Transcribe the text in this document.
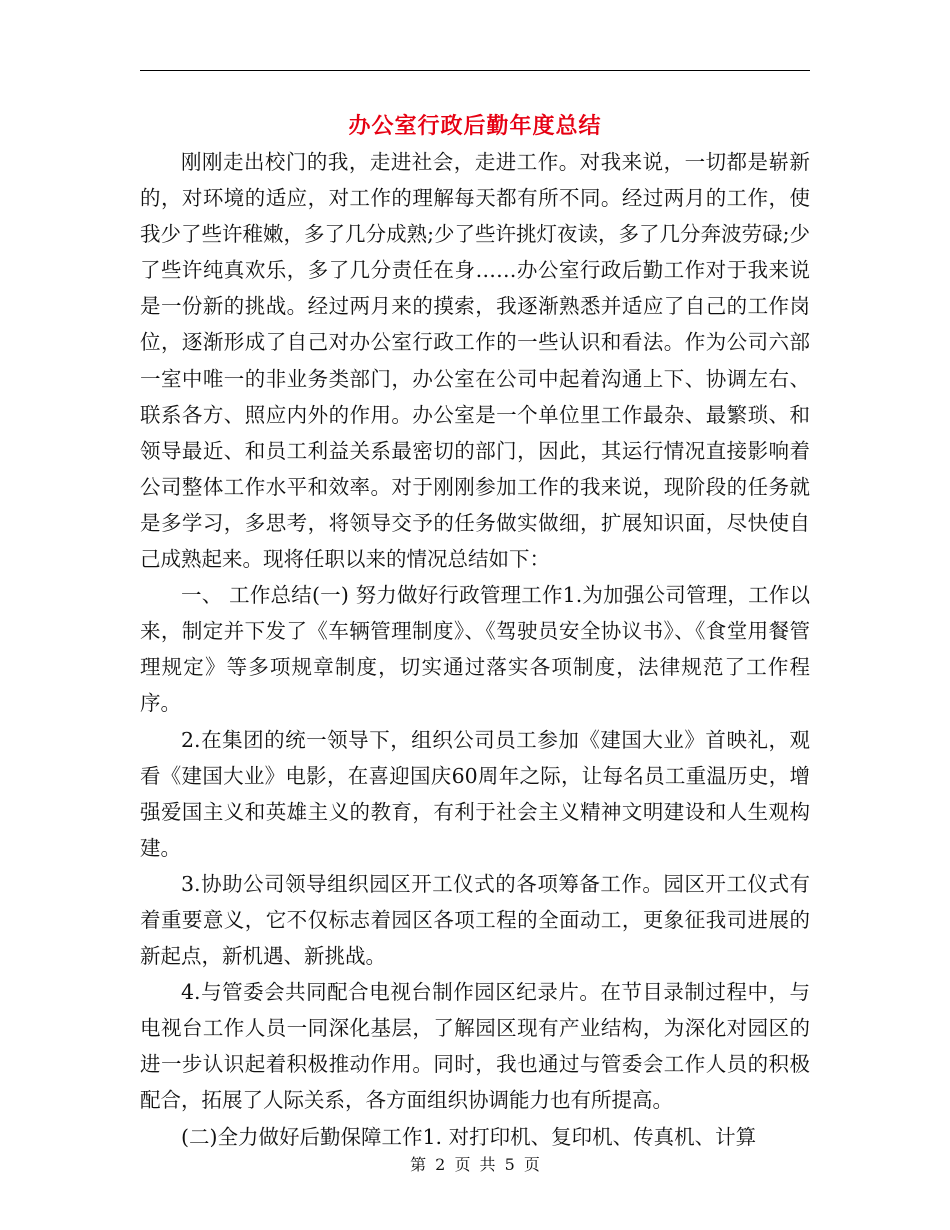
办公室行政后勤年度总结

刚刚走出校门的我，走进社会，走进工作。对我来说，一切都是崭新的，对环境的适应，对工作的理解每天都有所不同。经过两月的工作，使我少了些许稚嫩，多了几分成熟;少了些许挑灯夜读，多了几分奔波劳碌;少了些许纯真欢乐，多了几分责任在身……办公室行政后勤工作对于我来说是一份新的挑战。经过两月来的摸索，我逐渐熟悉并适应了自己的工作岗位，逐渐形成了自己对办公室行政工作的一些认识和看法。作为公司六部一室中唯一的非业务类部门，办公室在公司中起着沟通上下、协调左右、联系各方、照应内外的作用。办公室是一个单位里工作最杂、最繁琐、和领导最近、和员工利益关系最密切的部门，因此，其运行情况直接影响着公司整体工作水平和效率。对于刚刚参加工作的我来说，现阶段的任务就是多学习，多思考，将领导交予的任务做实做细，扩展知识面，尽快使自己成熟起来。现将任职以来的情况总结如下：

一、 工作总结(一) 努力做好行政管理工作1.为加强公司管理，工作以来，制定并下发了《车辆管理制度》、《驾驶员安全协议书》、《食堂用餐管理规定》等多项规章制度，切实通过落实各项制度，法律规范了工作程序。

2.在集团的统一领导下，组织公司员工参加《建国大业》首映礼，观看《建国大业》电影，在喜迎国庆60周年之际，让每名员工重温历史，增强爱国主义和英雄主义的教育，有利于社会主义精神文明建设和人生观构建。

3.协助公司领导组织园区开工仪式的各项筹备工作。园区开工仪式有着重要意义，它不仅标志着园区各项工程的全面动工，更象征我司进展的新起点，新机遇、新挑战。

4.与管委会共同配合电视台制作园区纪录片。在节目录制过程中，与电视台工作人员一同深化基层，了解园区现有产业结构，为深化对园区的进一步认识起着积极推动作用。同时，我也通过与管委会工作人员的积极配合，拓展了人际关系，各方面组织协调能力也有所提高。

(二)全力做好后勤保障工作1. 对打印机、复印机、传真机、计算

第 2 页 共 5 页
